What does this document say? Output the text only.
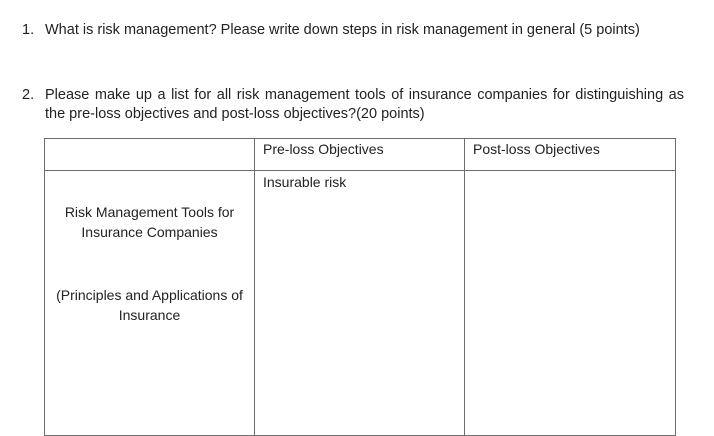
1. What is risk management? Please write down steps in risk management in general (5 points)
2. Please make up a list for all risk management tools of insurance companies for distinguishing as the pre-loss objectives and post-loss objectives?(20 points)
	Pre-loss Objectives	Post-loss Objectives

Risk Management Tools for
Insurance Companies
(Principles and Applications of
Insurance	Insurable risk	
